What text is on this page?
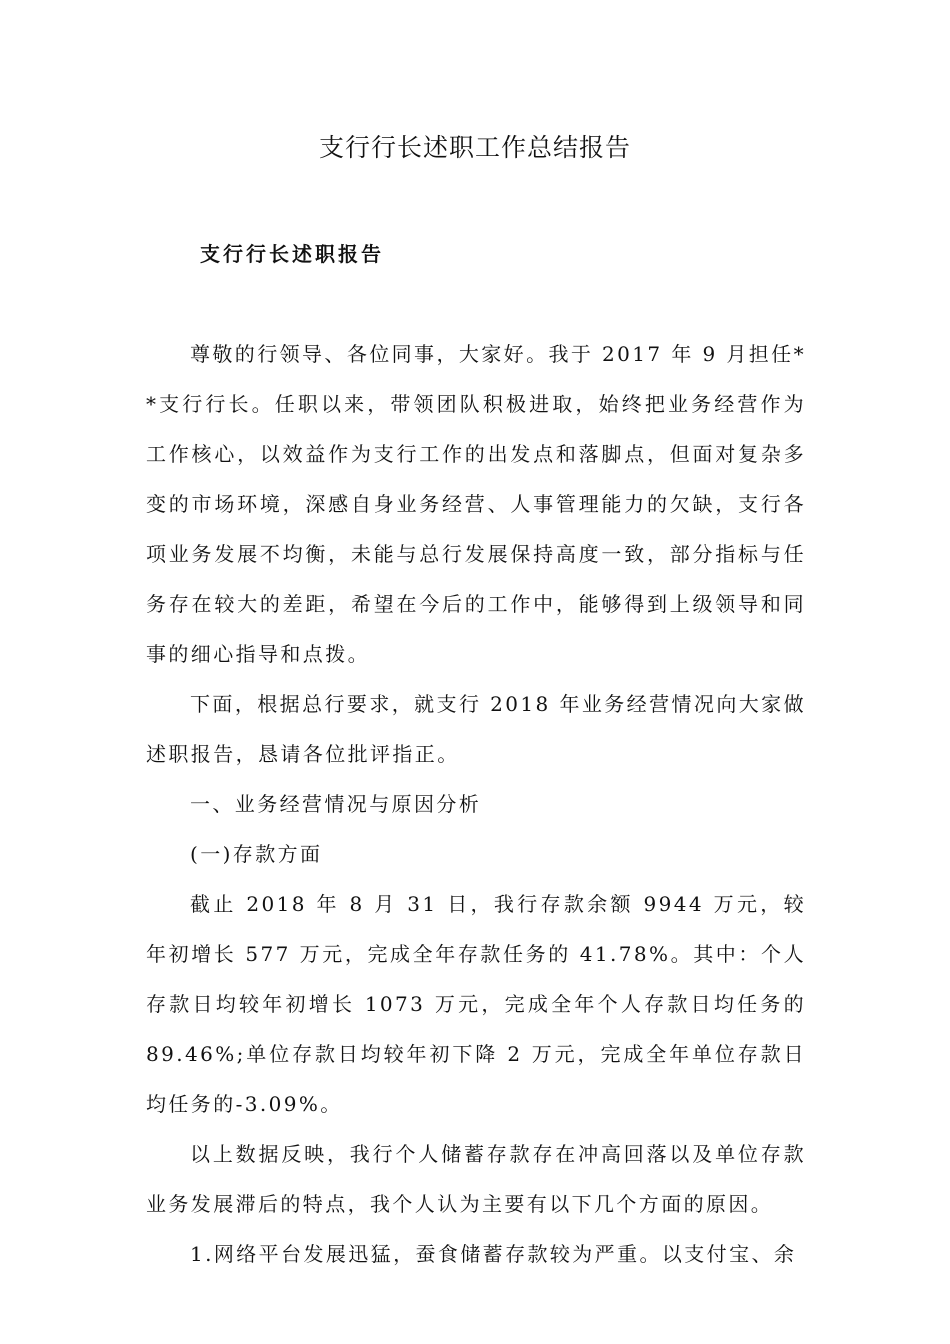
支行行长述职工作总结报告
支行行长述职报告

尊敬的行领导、各位同事，大家好。我于 2017 年 9 月担任**支行行长。任职以来，带领团队积极进取，始终把业务经营作为工作核心，以效益作为支行工作的出发点和落脚点，但面对复杂多变的市场环境，深感自身业务经营、人事管理能力的欠缺，支行各项业务发展不均衡，未能与总行发展保持高度一致，部分指标与任务存在较大的差距，希望在今后的工作中，能够得到上级领导和同事的细心指导和点拨。

下面，根据总行要求，就支行 2018 年业务经营情况向大家做述职报告，恳请各位批评指正。

一、业务经营情况与原因分析

(一)存款方面

截止 2018 年 8 月 31 日，我行存款余额 9944 万元，较年初增长 577 万元，完成全年存款任务的 41.78%。其中：个人存款日均较年初增长 1073 万元，完成全年个人存款日均任务的 89.46%;单位存款日均较年初下降 2 万元，完成全年单位存款日均任务的-3.09%。

以上数据反映，我行个人储蓄存款存在冲高回落以及单位存款业务发展滞后的特点，我个人认为主要有以下几个方面的原因。

1.网络平台发展迅猛，蚕食储蓄存款较为严重。以支付宝、余
